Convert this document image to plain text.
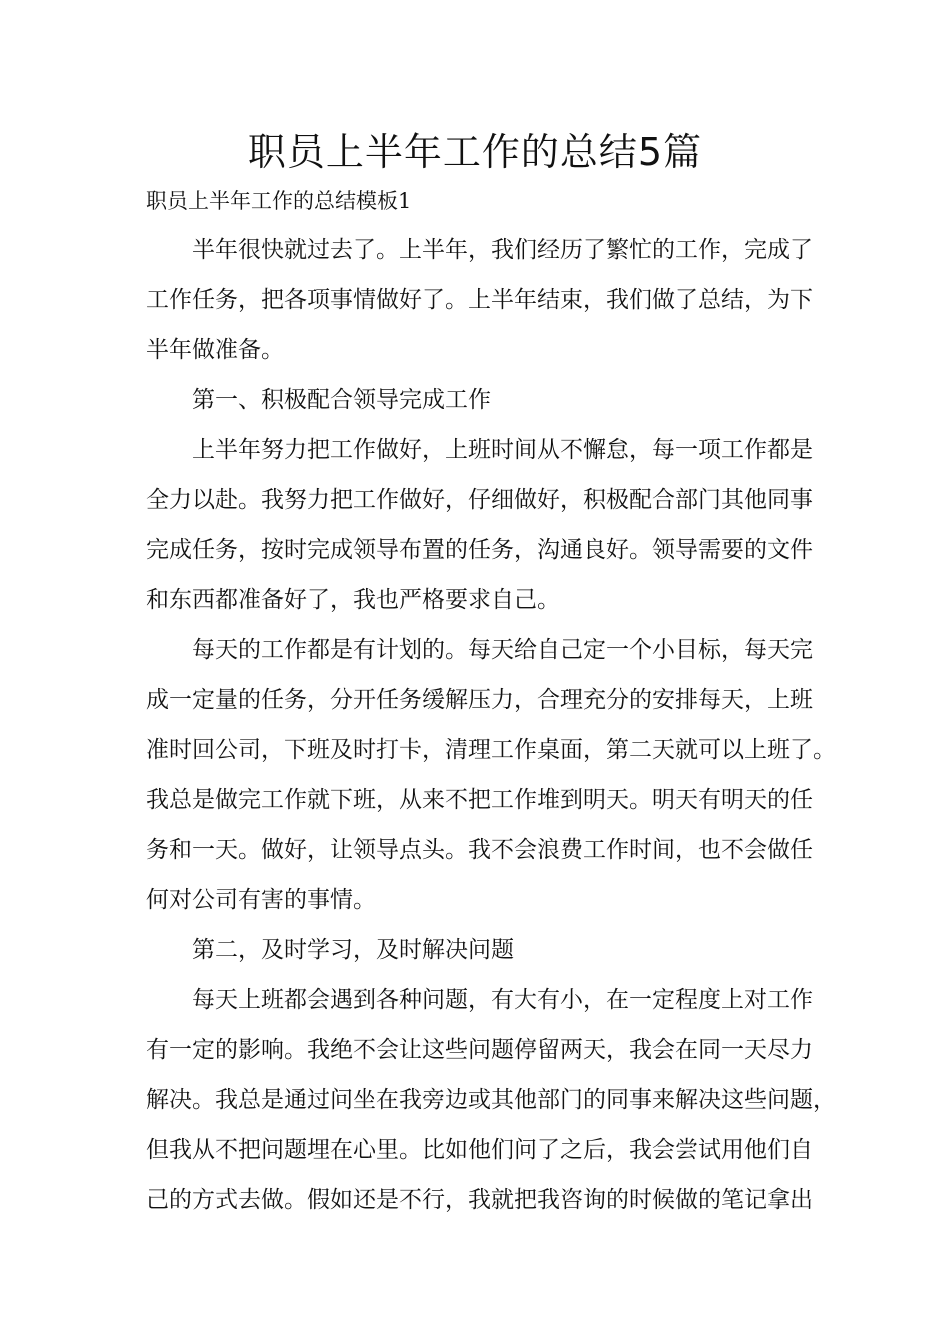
职员上半年工作的总结5篇

职员上半年工作的总结模板1

半年很快就过去了。上半年，我们经历了繁忙的工作，完成了

工作任务，把各项事情做好了。上半年结束，我们做了总结，为下

半年做准备。

第一、积极配合领导完成工作

上半年努力把工作做好，上班时间从不懈怠，每一项工作都是

全力以赴。我努力把工作做好，仔细做好，积极配合部门其他同事

完成任务，按时完成领导布置的任务，沟通良好。领导需要的文件

和东西都准备好了，我也严格要求自己。

每天的工作都是有计划的。每天给自己定一个小目标，每天完

成一定量的任务，分开任务缓解压力，合理充分的安排每天，上班

准时回公司，下班及时打卡，清理工作桌面，第二天就可以上班了。

我总是做完工作就下班，从来不把工作堆到明天。明天有明天的任

务和一天。做好，让领导点头。我不会浪费工作时间，也不会做任

何对公司有害的事情。

第二，及时学习，及时解决问题

每天上班都会遇到各种问题，有大有小，在一定程度上对工作

有一定的影响。我绝不会让这些问题停留两天，我会在同一天尽力

解决。我总是通过问坐在我旁边或其他部门的同事来解决这些问题，

但我从不把问题埋在心里。比如他们问了之后，我会尝试用他们自

己的方式去做。假如还是不行，我就把我咨询的时候做的笔记拿出
